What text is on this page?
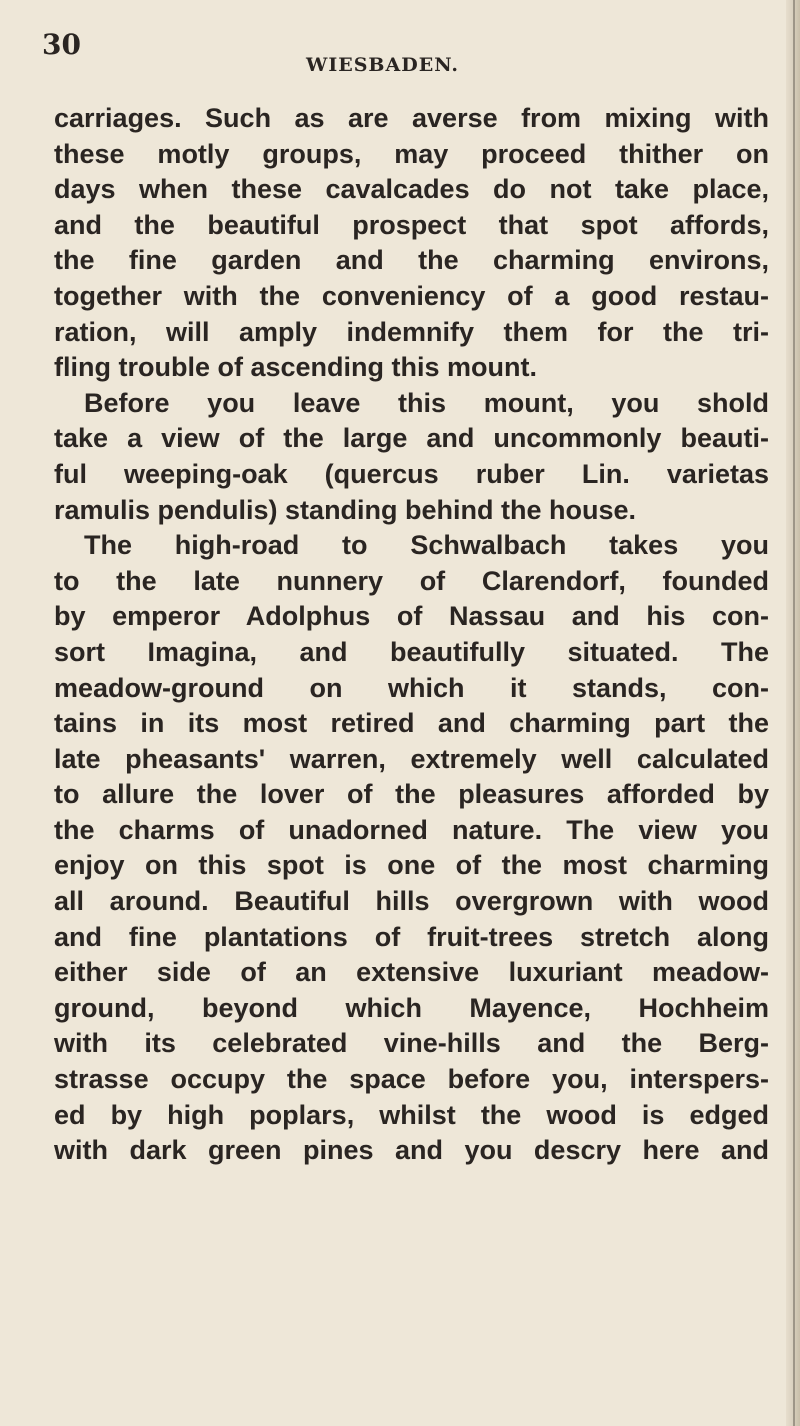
30
WIESBADEN.
carriages. Such as are averse from mixing with
these motly groups, may proceed thither on
days when these cavalcades do not take place,
and the beautiful prospect that spot affords,
the fine garden and the charming environs,
together with the conveniency of a good restau-
ration, will amply indemnify them for the tri-
fling trouble of ascending this mount.
Before you leave this mount, you shold
take a view of the large and uncommonly beauti-
ful weeping-oak (quercus ruber Lin. varietas
ramulis pendulis) standing behind the house.
The high-road to Schwalbach takes you
to the late nunnery of Clarendorf, founded
by emperor Adolphus of Nassau and his con-
sort Imagina, and beautifully situated. The
meadow-ground on which it stands, con-
tains in its most retired and charming part the
late pheasants' warren, extremely well calculated
to allure the lover of the pleasures afforded by
the charms of unadorned nature. The view you
enjoy on this spot is one of the most charming
all around. Beautiful hills overgrown with wood
and fine plantations of fruit-trees stretch along
either side of an extensive luxuriant meadow-
ground, beyond which Mayence, Hochheim
with its celebrated vine-hills and the Berg-
strasse occupy the space before you, interspers-
ed by high poplars, whilst the wood is edged
with dark green pines and you descry here and
